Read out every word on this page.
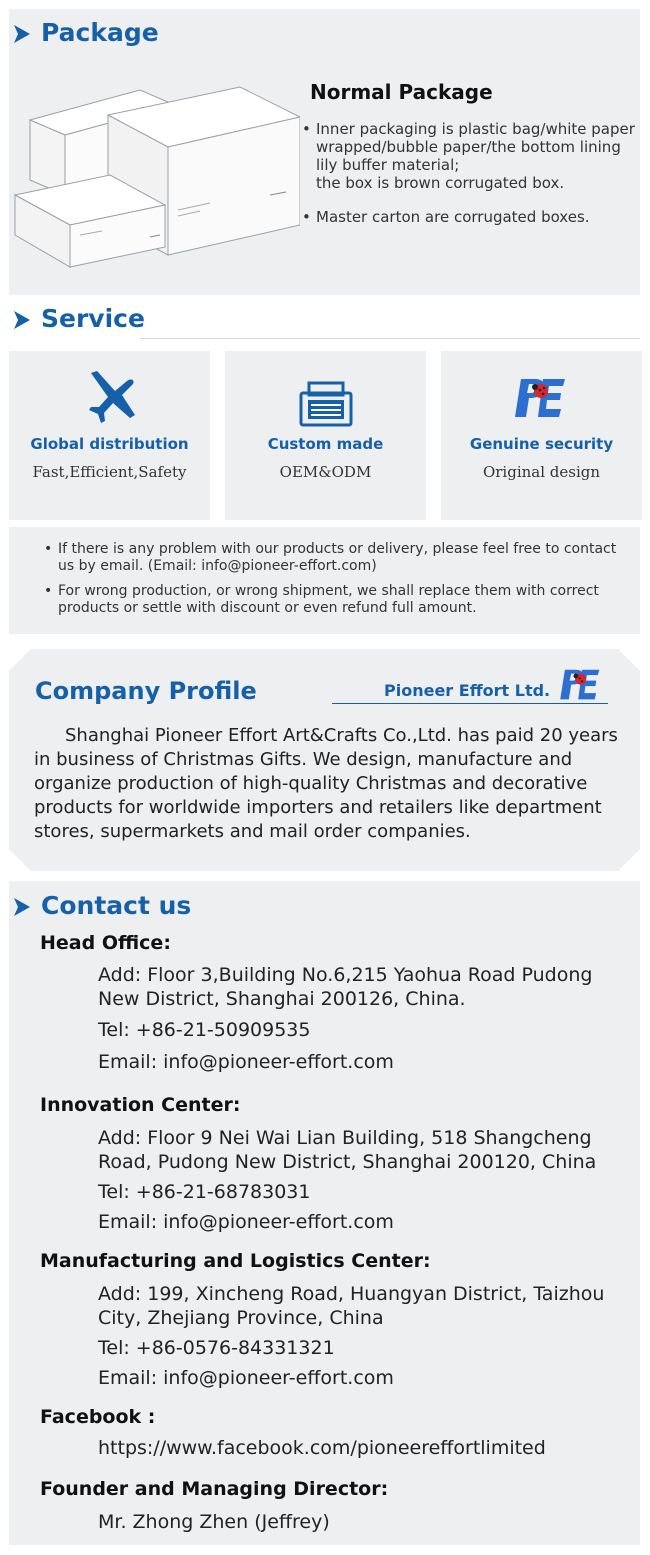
Package
Normal Package
• Inner packaging is plastic bag/white paper wrapped/bubble paper/the bottom lining lily buffer material;
the box is brown corrugated box.
• Master carton are corrugated boxes.
Service
Global distribution
Fast,Efficient,Safety
Custom made
OEM&ODM
Genuine security
Original design
• If there is any problem with our products or delivery, please feel free to contact us by email. (Email: info@pioneer-effort.com)
• For wrong production, or wrong shipment, we shall replace them with correct products or settle with discount or even refund full amount.
Company Profile	Pioneer Effort Ltd.
Shanghai Pioneer Effort Art&Crafts Co.,Ltd. has paid 20 years in business of Christmas Gifts. We design, manufacture and organize production of high-quality Christmas and decorative products for worldwide importers and retailers like department stores, supermarkets and mail order companies.
Contact us
Head Office:
Add: Floor 3,Building No.6,215 Yaohua Road Pudong New District, Shanghai 200126, China.
Tel: +86-21-50909535
Email: info@pioneer-effort.com
Innovation Center:
Add: Floor 9 Nei Wai Lian Building, 518 Shangcheng Road, Pudong New District, Shanghai 200120, China
Tel: +86-21-68783031
Email: info@pioneer-effort.com
Manufacturing and Logistics Center:
Add: 199, Xincheng Road, Huangyan District, Taizhou City, Zhejiang Province, China
Tel: +86-0576-84331321
Email: info@pioneer-effort.com
Facebook :
https://www.facebook.com/pioneereffortlimited
Founder and Managing Director:
Mr. Zhong Zhen (Jeffrey)
